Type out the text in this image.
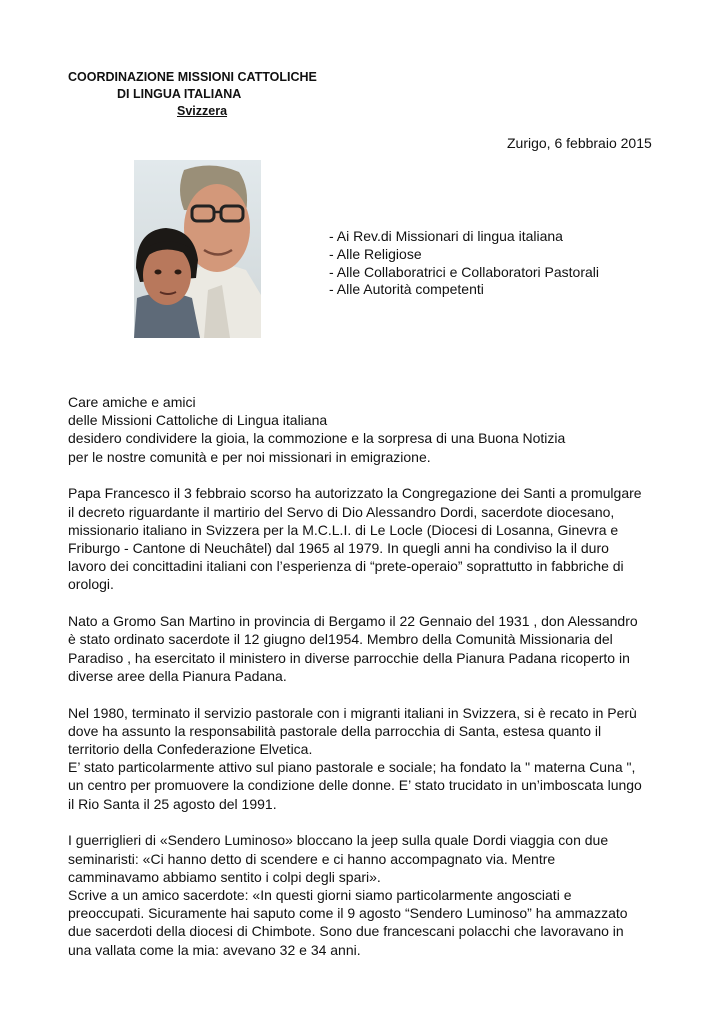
COORDINAZIONE MISSIONI CATTOLICHE
DI LINGUA ITALIANA
Svizzera
Zurigo, 6 febbraio 2015
- Ai Rev.di Missionari di lingua italiana
- Alle Religiose
- Alle Collaboratrici e Collaboratori Pastorali
- Alle Autorità competenti

Care amiche e amici
delle Missioni Cattoliche di Lingua italiana
desidero condividere la gioia, la commozione e la sorpresa di una Buona Notizia
per le nostre comunità e per noi missionari in emigrazione.

Papa Francesco il 3 febbraio scorso ha autorizzato la Congregazione dei Santi a promulgare
il decreto riguardante il martirio del Servo di Dio Alessandro Dordi, sacerdote diocesano,
missionario italiano in Svizzera per la M.C.L.I. di Le Locle (Diocesi di Losanna, Ginevra e
Friburgo - Cantone di Neuchâtel) dal 1965 al 1979. In quegli anni ha condiviso la il duro
lavoro dei concittadini italiani con l’esperienza di “prete-operaio” soprattutto in fabbriche di
orologi.

Nato a Gromo San Martino in provincia di Bergamo il 22 Gennaio del 1931 , don Alessandro
è stato ordinato sacerdote il 12 giugno del1954. Membro della Comunità Missionaria del
Paradiso , ha esercitato il ministero in diverse parrocchie della Pianura Padana ricoperto in
diverse aree della Pianura Padana.

Nel 1980, terminato il servizio pastorale con i migranti italiani in Svizzera, si è recato in Perù
dove ha assunto la responsabilità pastorale della parrocchia di Santa, estesa quanto il
territorio della Confederazione Elvetica.
E’ stato particolarmente attivo sul piano pastorale e sociale; ha fondato la " materna Cuna ",
un centro per promuovere la condizione delle donne. E’ stato trucidato in un’imboscata lungo
il Rio Santa il 25 agosto del 1991.

I guerriglieri di «Sendero Luminoso» bloccano la jeep sulla quale Dordi viaggia con due
seminaristi: «Ci hanno detto di scendere e ci hanno accompagnato via. Mentre
camminavamo abbiamo sentito i colpi degli spari».
Scrive a un amico sacerdote: «In questi giorni siamo particolarmente angosciati e
preoccupati. Sicuramente hai saputo come il 9 agosto “Sendero Luminoso” ha ammazzato
due sacerdoti della diocesi di Chimbote. Sono due francescani polacchi che lavoravano in
una vallata come la mia: avevano 32 e 34 anni.
